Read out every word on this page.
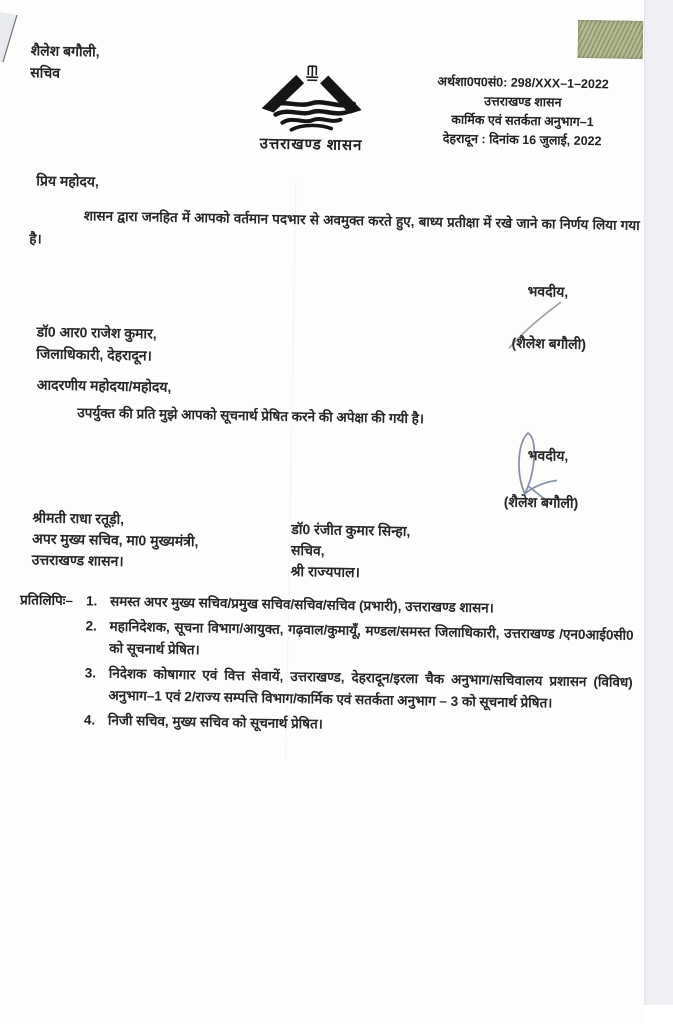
शैलेश बगौली,
सचिव
उत्तराखण्ड शासन
अर्थशा0प0सं0: 298/XXX–1–2022
उत्तराखण्ड शासन
कार्मिक एवं सतर्कता अनुभाग–1
देहरादून : दिनांक 16 जुलाई, 2022
प्रिय महोदय,
शासन द्वारा जनहित में आपको वर्तमान पदभार से अवमुक्त करते हुए, बाध्य प्रतीक्षा में रखे जाने का निर्णय लिया गया है।
भवदीय,
(शैलेश बगौली)
डॉ0 आर0 राजेश कुमार,
जिलाधिकारी, देहरादून।
आदरणीय महोदया/महोदय,
उपर्युक्त की प्रति मुझे आपको सूचनार्थ प्रेषित करने की अपेक्षा की गयी है।
भवदीय,
(शैलेश बगौली)
श्रीमती राधा रतूड़ी,
अपर मुख्य सचिव, मा0 मुख्यमंत्री,
उत्तराखण्ड शासन।
डॉ0 रंजीत कुमार सिन्हा,
सचिव,
श्री राज्यपाल।
प्रतिलिपिः– 1. समस्त अपर मुख्य सचिव/प्रमुख सचिव/सचिव/सचिव (प्रभारी), उत्तराखण्ड शासन।
2. महानिदेशक, सूचना विभाग/आयुक्त, गढ़वाल/कुमायूँ, मण्डल/समस्त जिलाधिकारी, उत्तराखण्ड /एन0आई0सी0 को सूचनार्थ प्रेषित।
3. निदेशक कोषागार एवं वित्त सेवायें, उत्तराखण्ड, देहरादून/इरला चैक अनुभाग/सचिवालय प्रशासन (विविध) अनुभाग–1 एवं 2/राज्य सम्पत्ति विभाग/कार्मिक एवं सतर्कता अनुभाग – 3 को सूचनार्थ प्रेषित।
4. निजी सचिव, मुख्य सचिव को सूचनार्थ प्रेषित।
